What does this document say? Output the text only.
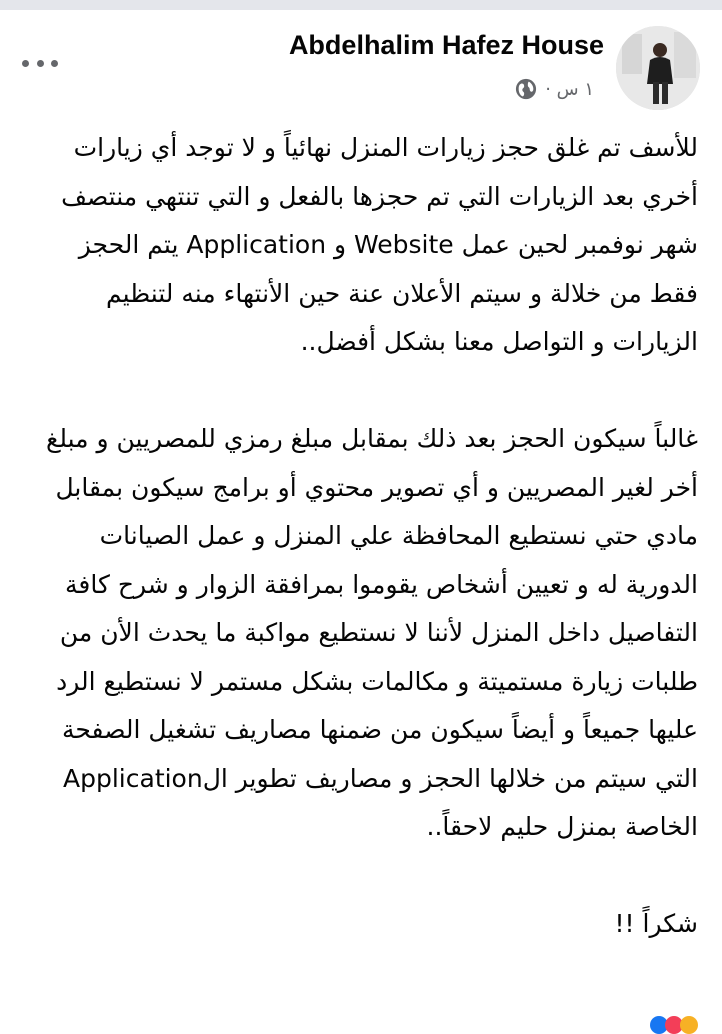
Abdelhalim Hafez House
١ س ·

للأسف تم غلق حجز زيارات المنزل نهائياً و لا توجد أي زيارات أخري بعد الزيارات التي تم حجزها بالفعل و التي تنتهي منتصف شهر نوفمبر لحين عمل Website و Application يتم الحجز فقط من خلالة و سيتم الأعلان عنة حين الأنتهاء منه لتنظيم الزيارات و التواصل معنا بشكل أفضل..

غالباً سيكون الحجز بعد ذلك بمقابل مبلغ رمزي للمصريين و مبلغ أخر لغير المصريين و أي تصوير محتوي أو برامج سيكون بمقابل مادي حتي نستطيع المحافظة علي المنزل و عمل الصيانات الدورية له و تعيين أشخاص يقوموا بمرافقة الزوار و شرح كافة التفاصيل داخل المنزل لأننا لا نستطيع مواكبة ما يحدث الأن من طلبات زيارة مستميتة و مكالمات بشكل مستمر لا نستطيع الرد عليها جميعاً و أيضاً سيكون من ضمنها مصاريف تشغيل الصفحة التي سيتم من خلالها الحجز و مصاريف تطوير الApplication الخاصة بمنزل حليم لاحقاً..

شكراً !!
